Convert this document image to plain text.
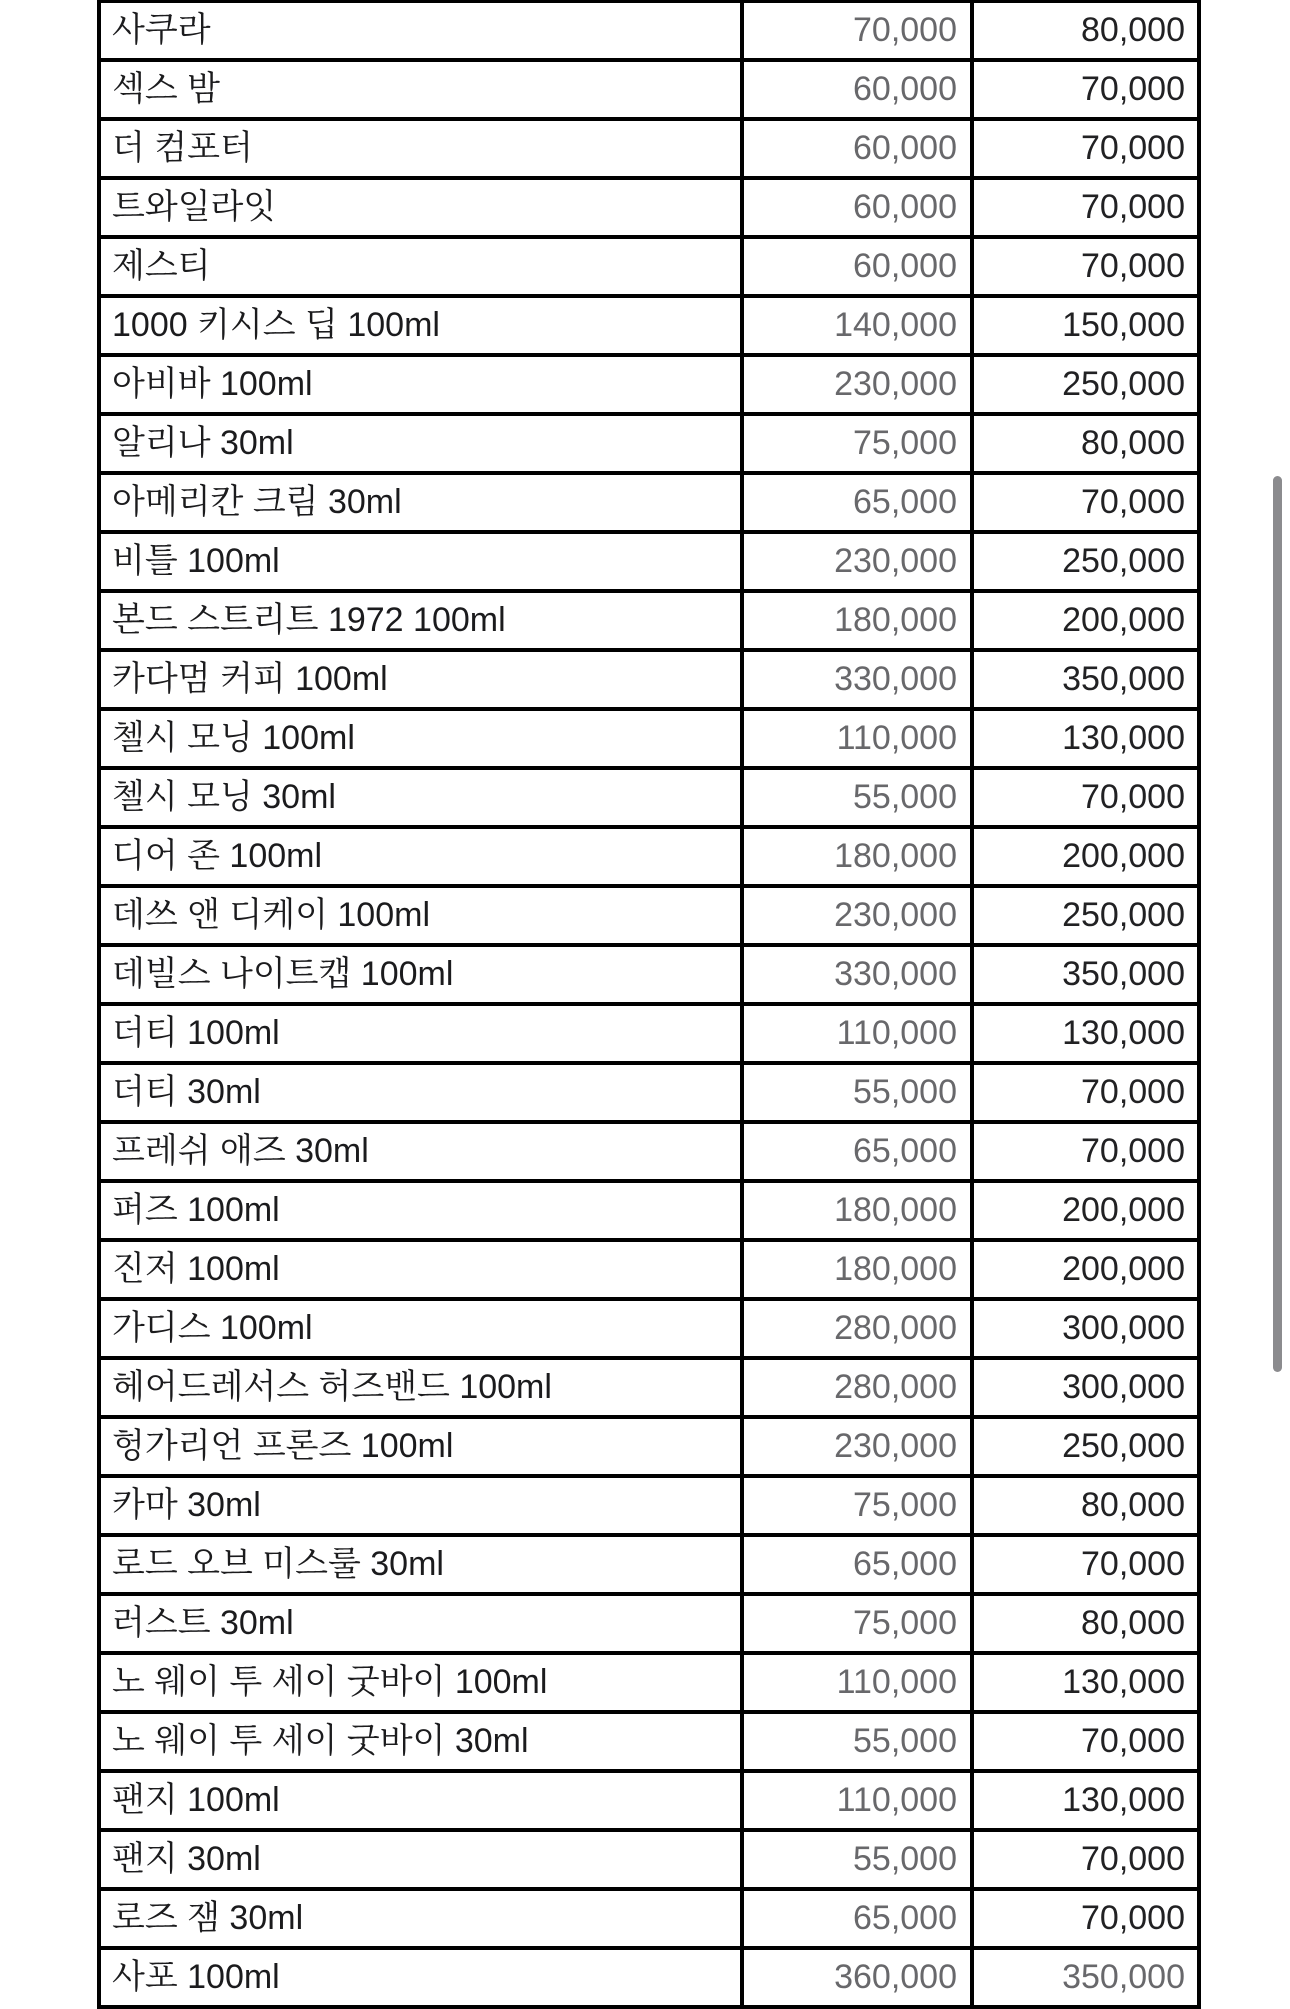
사쿠라	70,000	80,000
섹스 밤	60,000	70,000
더 컴포터	60,000	70,000
트와일라잇	60,000	70,000
제스티	60,000	70,000
1000 키시스 딥 100ml	140,000	150,000
아비바 100ml	230,000	250,000
알리나 30ml	75,000	80,000
아메리칸 크림 30ml	65,000	70,000
비틀 100ml	230,000	250,000
본드 스트리트 1972 100ml	180,000	200,000
카다멈 커피 100ml	330,000	350,000
첼시 모닝 100ml	110,000	130,000
첼시 모닝 30ml	55,000	70,000
디어 존 100ml	180,000	200,000
데쓰 앤 디케이 100ml	230,000	250,000
데빌스 나이트캡 100ml	330,000	350,000
더티 100ml	110,000	130,000
더티 30ml	55,000	70,000
프레쉬 애즈 30ml	65,000	70,000
퍼즈 100ml	180,000	200,000
진저 100ml	180,000	200,000
가디스 100ml	280,000	300,000
헤어드레서스 허즈밴드 100ml	280,000	300,000
헝가리언 프론즈 100ml	230,000	250,000
카마 30ml	75,000	80,000
로드 오브 미스룰 30ml	65,000	70,000
러스트 30ml	75,000	80,000
노 웨이 투 세이 굿바이 100ml	110,000	130,000
노 웨이 투 세이 굿바이 30ml	55,000	70,000
팬지 100ml	110,000	130,000
팬지 30ml	55,000	70,000
로즈 잼 30ml	65,000	70,000
사포 100ml	360,000	350,000
